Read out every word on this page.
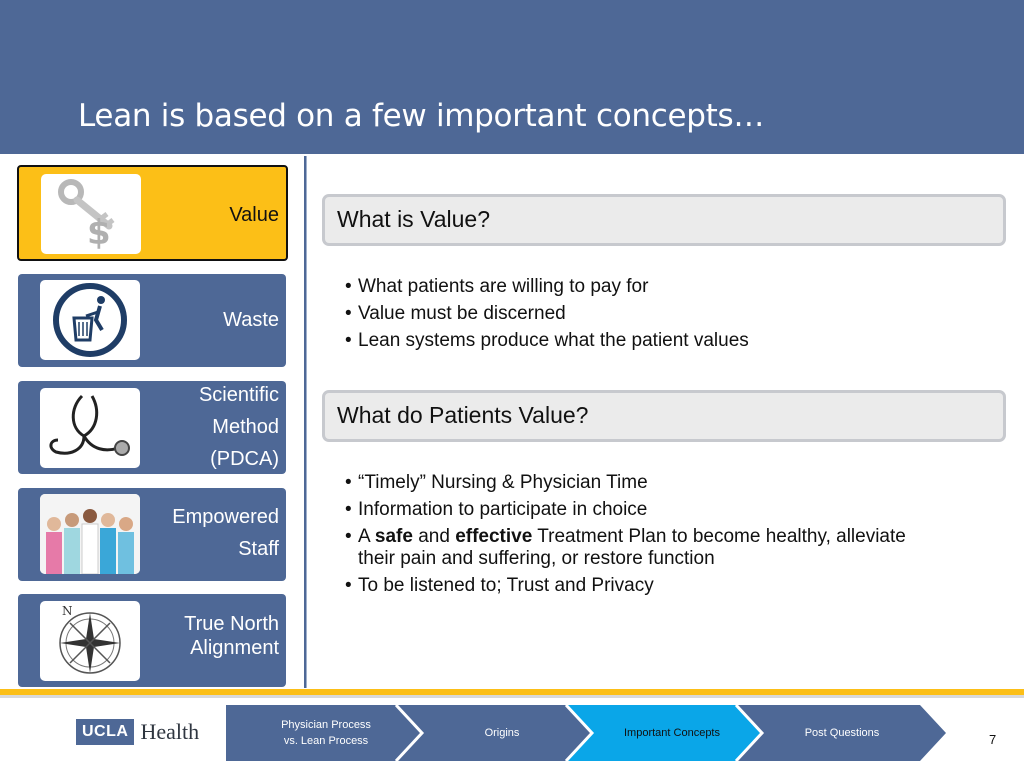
Lean is based on a few important concepts…
$	Value
Waste
Scientific
Method
(PDCA)
Empowered
Staff
N
True North
Alignment
What is Value?
• What patients are willing to pay for
• Value must be discerned
• Lean systems produce what the patient values
What do Patients Value?
• “Timely” Nursing & Physician Time
• Information to participate in choice
• A safe and effective Treatment Plan to become healthy, alleviate
their pain and suffering, or restore function
• To be listened to; Trust and Privacy
UCLA Health	Physician Process
vs. Lean Process
Origins	Important Concepts	Post Questions	7
